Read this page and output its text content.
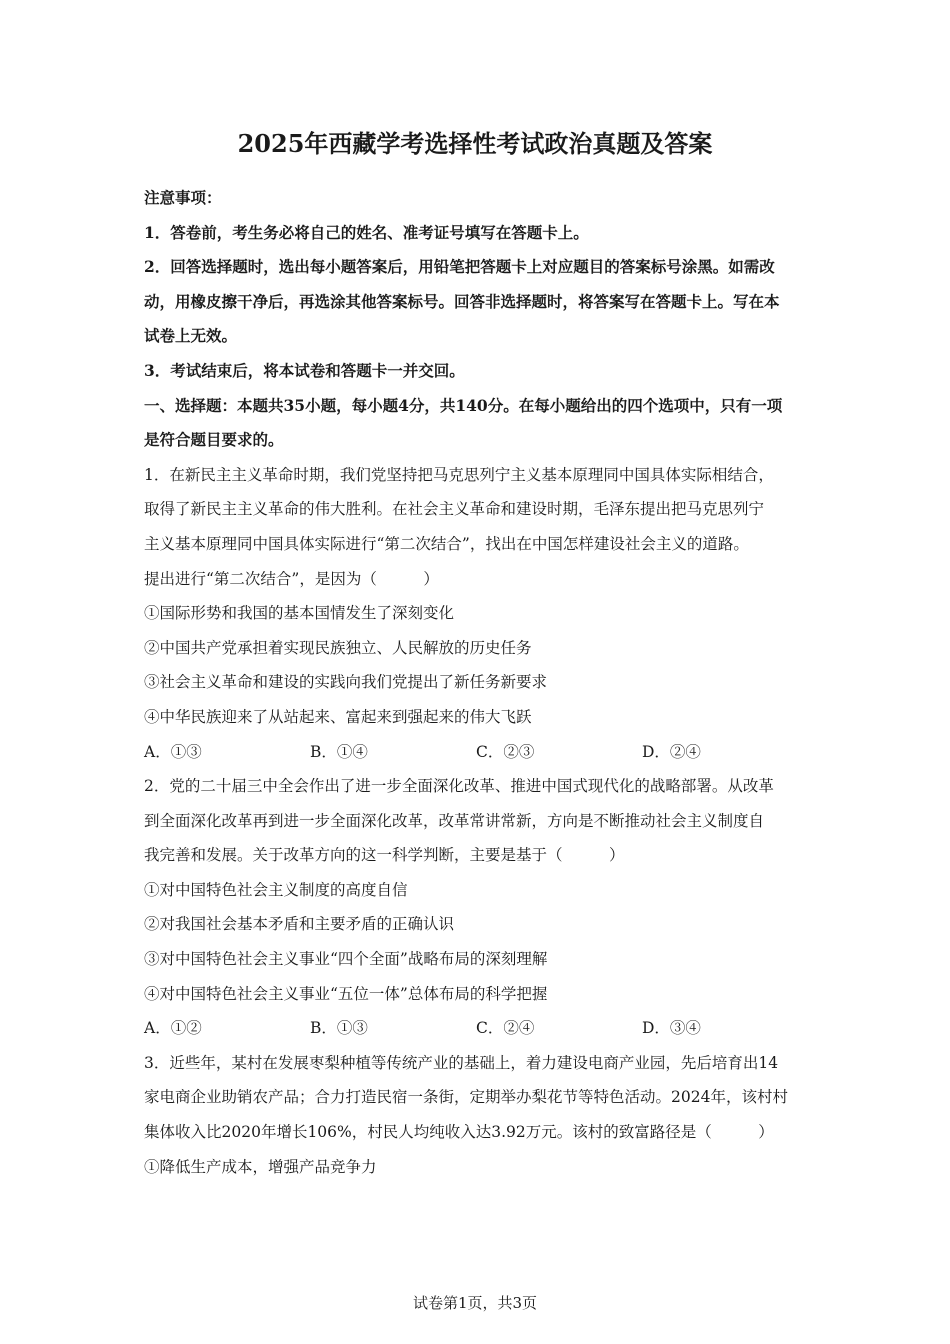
2025年西藏学考选择性考试政治真题及答案
注意事项：
1．答卷前，考生务必将自己的姓名、准考证号填写在答题卡上。
2．回答选择题时，选出每小题答案后，用铅笔把答题卡上对应题目的答案标号涂黑。如需改
动，用橡皮擦干净后，再选涂其他答案标号。回答非选择题时，将答案写在答题卡上。写在本
试卷上无效。
3．考试结束后，将本试卷和答题卡一并交回。
一、选择题：本题共35小题，每小题4分，共140分。在每小题给出的四个选项中，只有一项
是符合题目要求的。
1．在新民主主义革命时期，我们党坚持把马克思列宁主义基本原理同中国具体实际相结合，
取得了新民主主义革命的伟大胜利。在社会主义革命和建设时期，毛泽东提出把马克思列宁
主义基本原理同中国具体实际进行“第二次结合”，找出在中国怎样建设社会主义的道路。
提出进行“第二次结合”，是因为（　　　）
①国际形势和我国的基本国情发生了深刻变化
②中国共产党承担着实现民族独立、人民解放的历史任务
③社会主义革命和建设的实践向我们党提出了新任务新要求
④中华民族迎来了从站起来、富起来到强起来的伟大飞跃
A．①③	B．①④	C．②③	D．②④
2．党的二十届三中全会作出了进一步全面深化改革、推进中国式现代化的战略部署。从改革
到全面深化改革再到进一步全面深化改革，改革常讲常新，方向是不断推动社会主义制度自
我完善和发展。关于改革方向的这一科学判断，主要是基于（　　　）
①对中国特色社会主义制度的高度自信
②对我国社会基本矛盾和主要矛盾的正确认识
③对中国特色社会主义事业“四个全面”战略布局的深刻理解
④对中国特色社会主义事业“五位一体”总体布局的科学把握
A．①②	B．①③	C．②④	D．③④
3．近些年，某村在发展枣梨种植等传统产业的基础上，着力建设电商产业园，先后培育出14
家电商企业助销农产品；合力打造民宿一条街，定期举办梨花节等特色活动。2024年，该村村
集体收入比2020年增长106%，村民人均纯收入达3.92万元。该村的致富路径是（　　　）
①降低生产成本，增强产品竞争力
试卷第1页，共3页
